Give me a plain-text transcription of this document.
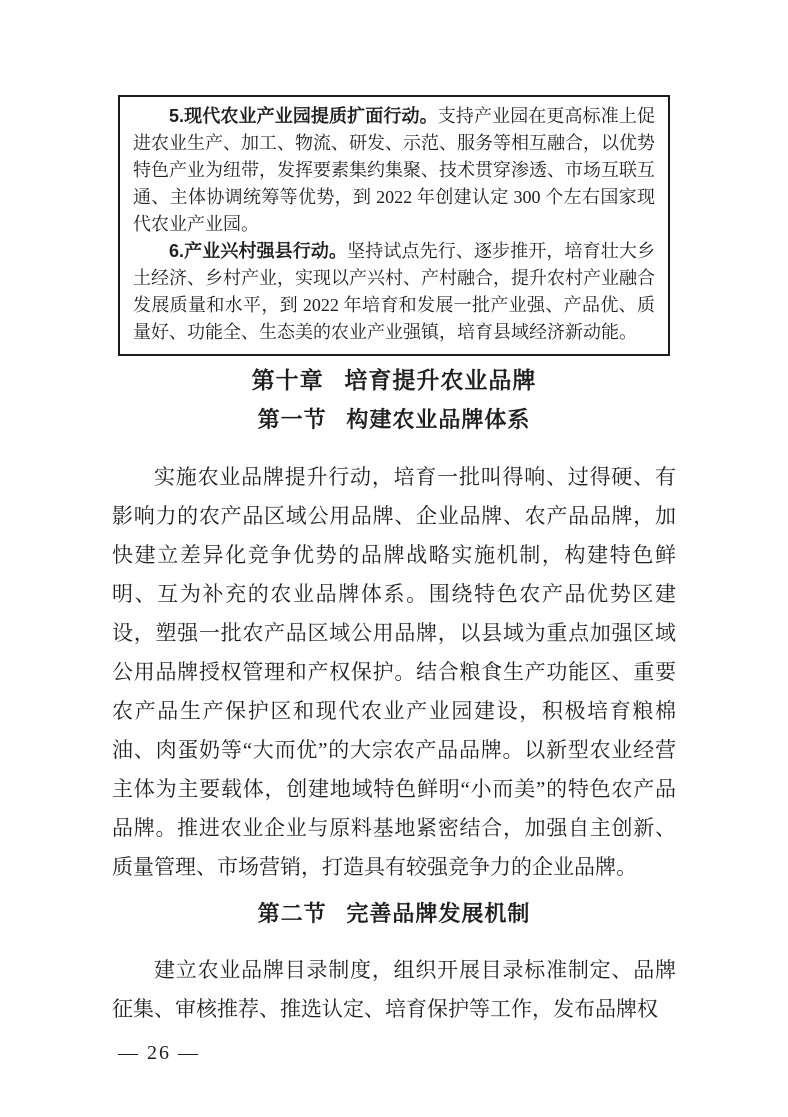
5.现代农业产业园提质扩面行动。支持产业园在更高标准上促进农业生产、加工、物流、研发、示范、服务等相互融合，以优势特色产业为纽带，发挥要素集约集聚、技术贯穿渗透、市场互联互通、主体协调统筹等优势，到 2022 年创建认定 300 个左右国家现代农业产业园。

6.产业兴村强县行动。坚持试点先行、逐步推开，培育壮大乡土经济、乡村产业，实现以产兴村、产村融合，提升农村产业融合发展质量和水平，到 2022 年培育和发展一批产业强、产品优、质量好、功能全、生态美的农业产业强镇，培育县域经济新动能。

第十章 培育提升农业品牌
第一节 构建农业品牌体系

实施农业品牌提升行动，培育一批叫得响、过得硬、有影响力的农产品区域公用品牌、企业品牌、农产品品牌，加快建立差异化竞争优势的品牌战略实施机制，构建特色鲜明、互为补充的农业品牌体系。围绕特色农产品优势区建设，塑强一批农产品区域公用品牌，以县域为重点加强区域公用品牌授权管理和产权保护。结合粮食生产功能区、重要农产品生产保护区和现代农业产业园建设，积极培育粮棉油、肉蛋奶等“大而优”的大宗农产品品牌。以新型农业经营主体为主要载体，创建地域特色鲜明“小而美”的特色农产品品牌。推进农业企业与原料基地紧密结合，加强自主创新、质量管理、市场营销，打造具有较强竞争力的企业品牌。

第二节 完善品牌发展机制

建立农业品牌目录制度，组织开展目录标准制定、品牌征集、审核推荐、推选认定、培育保护等工作，发布品牌权

— 26 —
